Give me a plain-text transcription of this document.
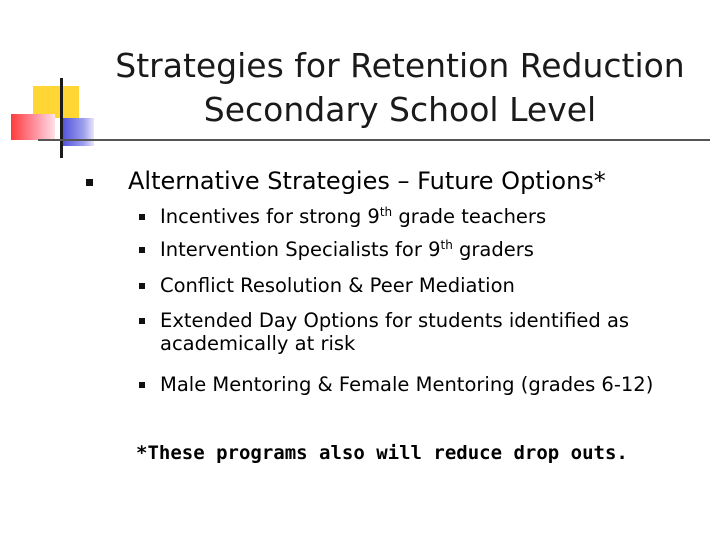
Strategies for Retention Reduction
Secondary School Level
Alternative Strategies – Future Options*
Incentives for strong 9th grade teachers
Intervention Specialists for 9th graders
Conflict Resolution & Peer Mediation
Extended Day Options for students identified as
academically at risk
Male Mentoring & Female Mentoring (grades 6-12)
*These programs also will reduce drop outs.
